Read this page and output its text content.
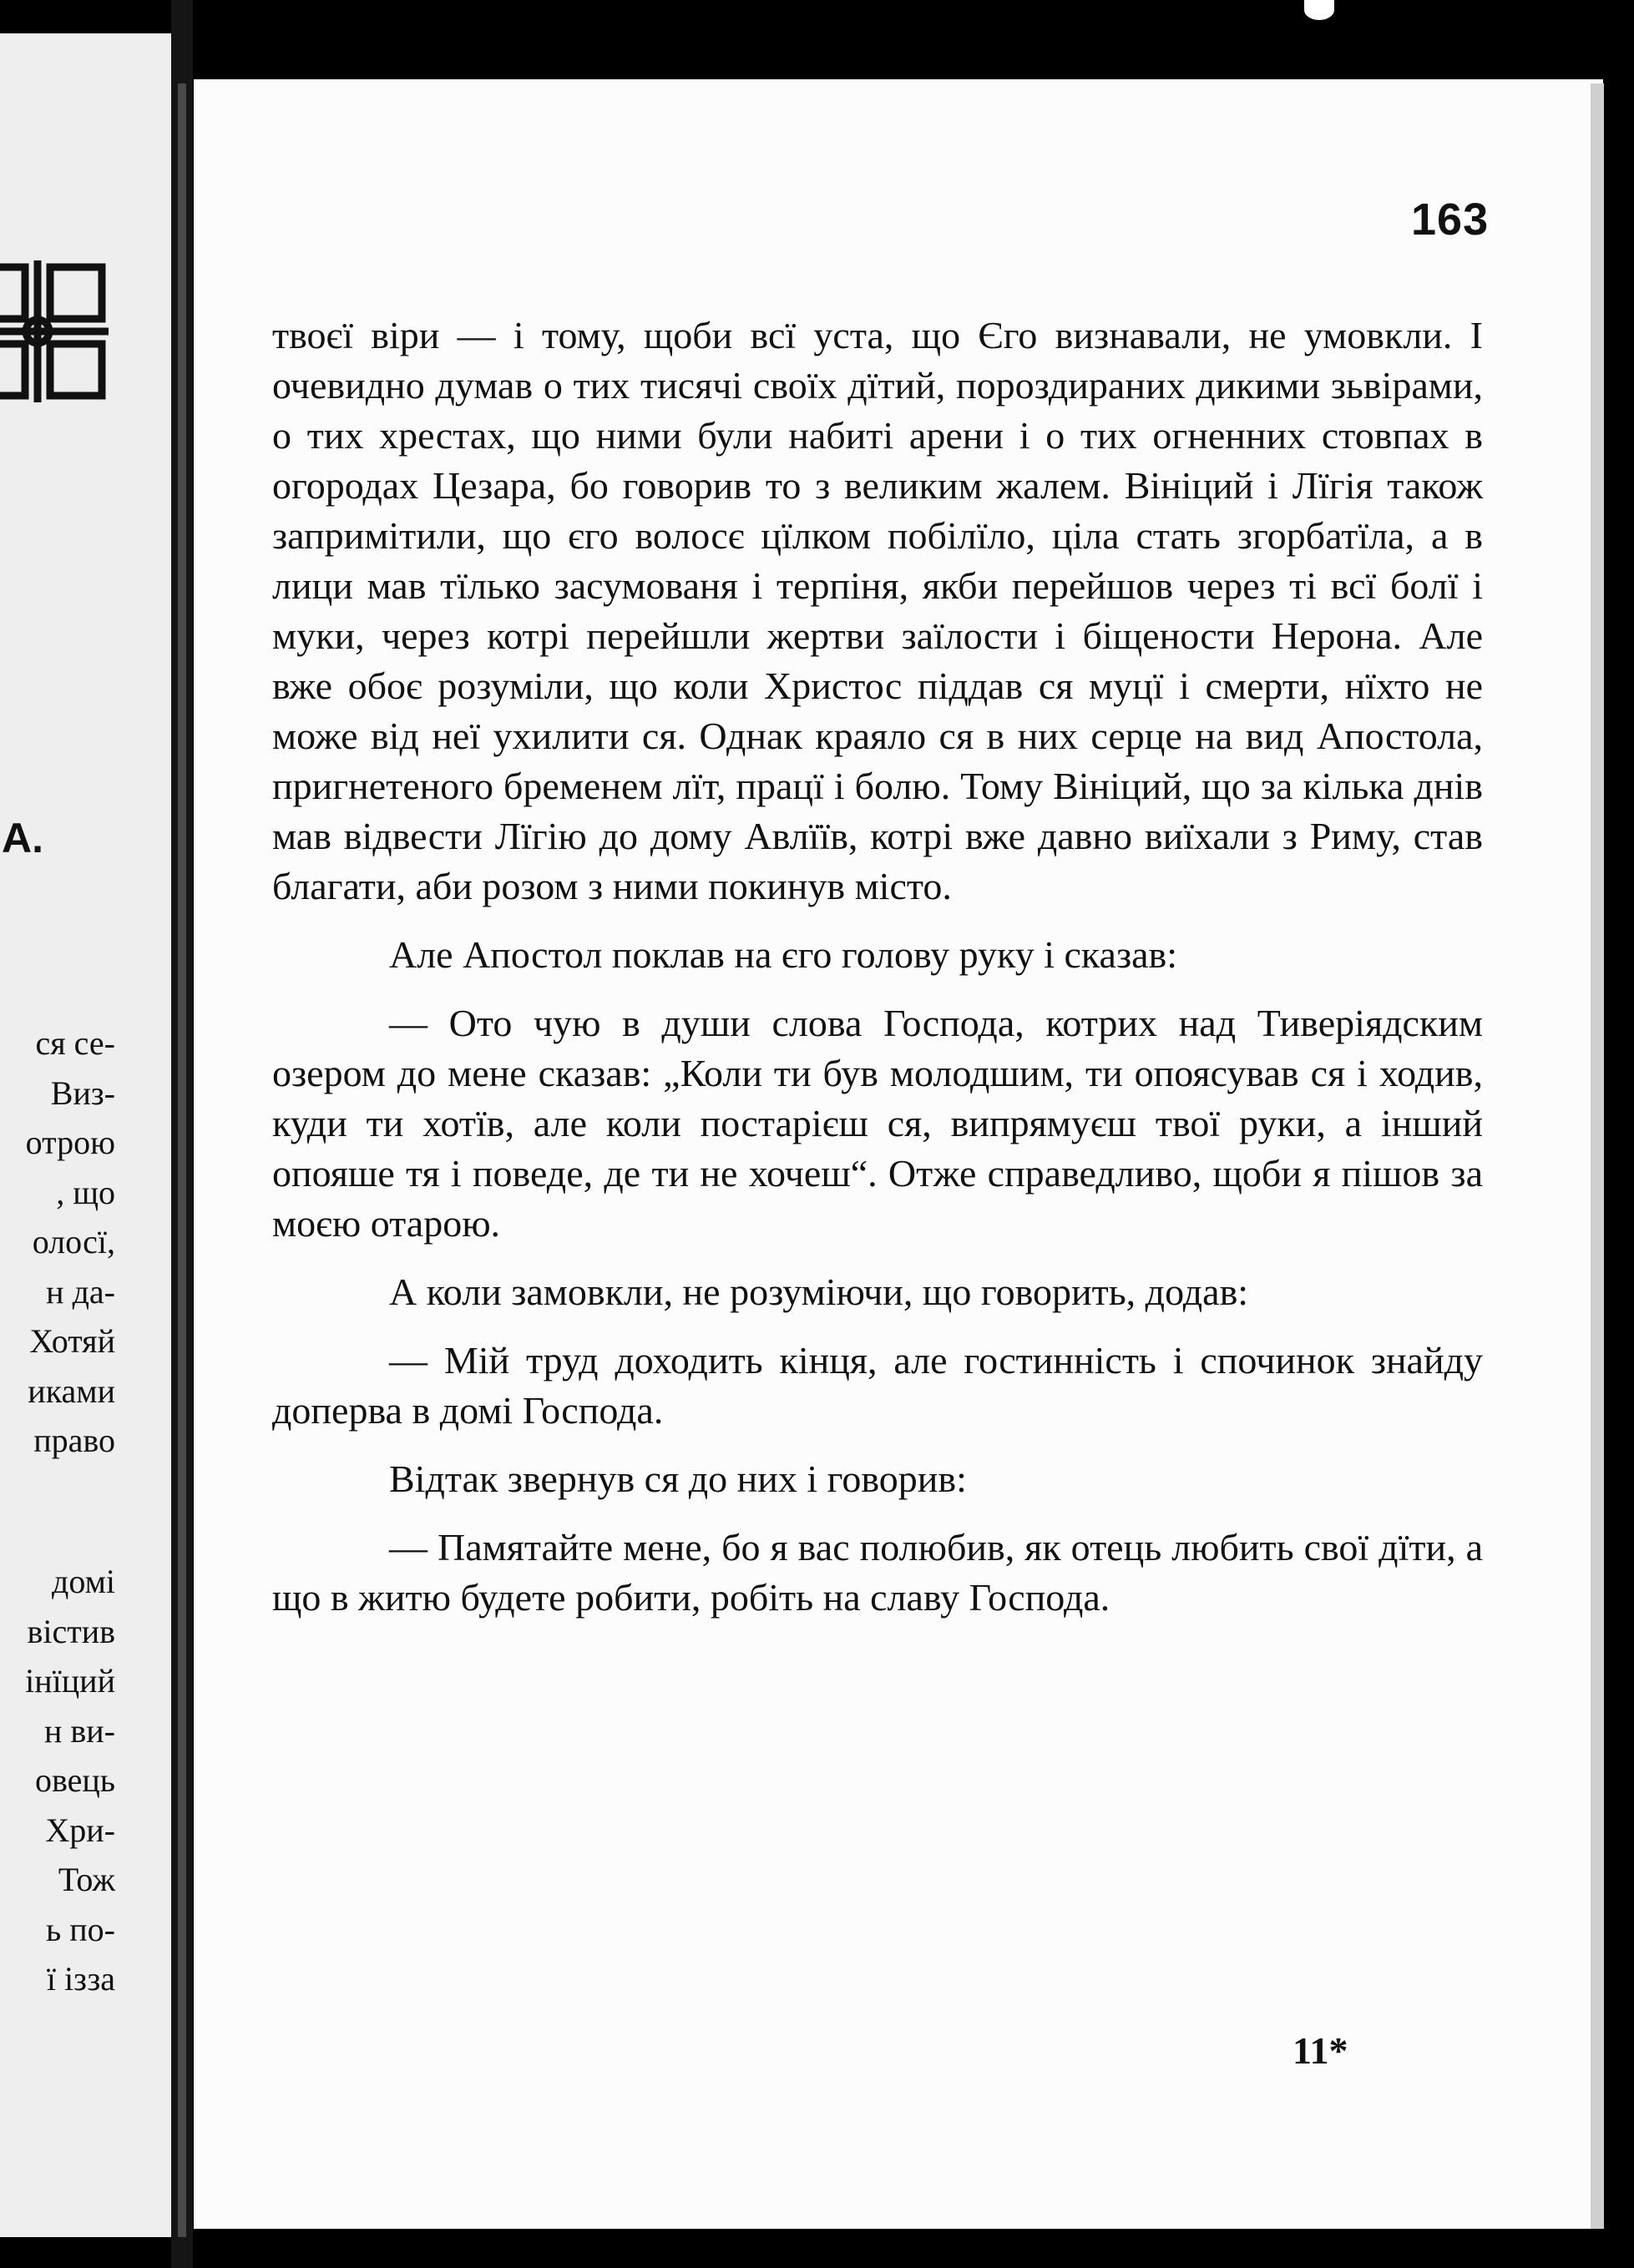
А.
ся се-
Виз-
отрою
, що
олосї,
н да-
Хотяй
иками
право
домі
вістив
інїций
н ви-
овець
Хри-
Тож
ь по-
ї ізза
163

твоєї віри — і тому, щоби всї уста, що Єго визнавали, не умовкли. І очевидно думав о тих тисячі своїх дїтий, пороздираних дикими зьвірами, о тих хрестах, що ними були набиті арени і о тих огненних стовпах в огородах Цезара, бо говорив то з великим жалем. Вініций і Лїгія також запримітили, що єго волосє цїлком побілїло, ціла стать згорбатїла, а в лици мав тїлько засумованя і терпіня, якби перейшов через ті всї болї і муки, через котрі перейшли жертви заїлости і біщености Нерона. Але вже обоє розуміли, що коли Христос піддав ся муцї і смерти, нїхто не може від неї ухилити ся. Однак краяло ся в них серце на вид Апостола, пригнетеного бременем лїт, працї і болю. Тому Вініций, що за кілька днів мав відвести Лїгію до дому Авлїїв, котрі вже давно виїхали з Риму, став благати, аби розом з ними покинув місто.

Але Апостол поклав на єго голову руку і сказав:

— Ото чую в души слова Господа, котрих над Тиверіядским озером до мене сказав: „Коли ти був молодшим, ти опоясував ся і ходив, куди ти хотїв, але коли постарієш ся, випрямуєш твої руки, а інший опояше тя і поведе, де ти не хочеш“. Отже справедливо, щоби я пішов за моєю отарою.

А коли замовкли, не розуміючи, що говорить, додав:

— Мій труд доходить кінця, але гостинність і спочинок знайду доперва в домі Господа.

Відтак звернув ся до них і говорив:

— Памятайте мене, бо я вас полюбив, як отець любить свої дїти, а що в житю будете робити, робіть на славу Господа.

11*
